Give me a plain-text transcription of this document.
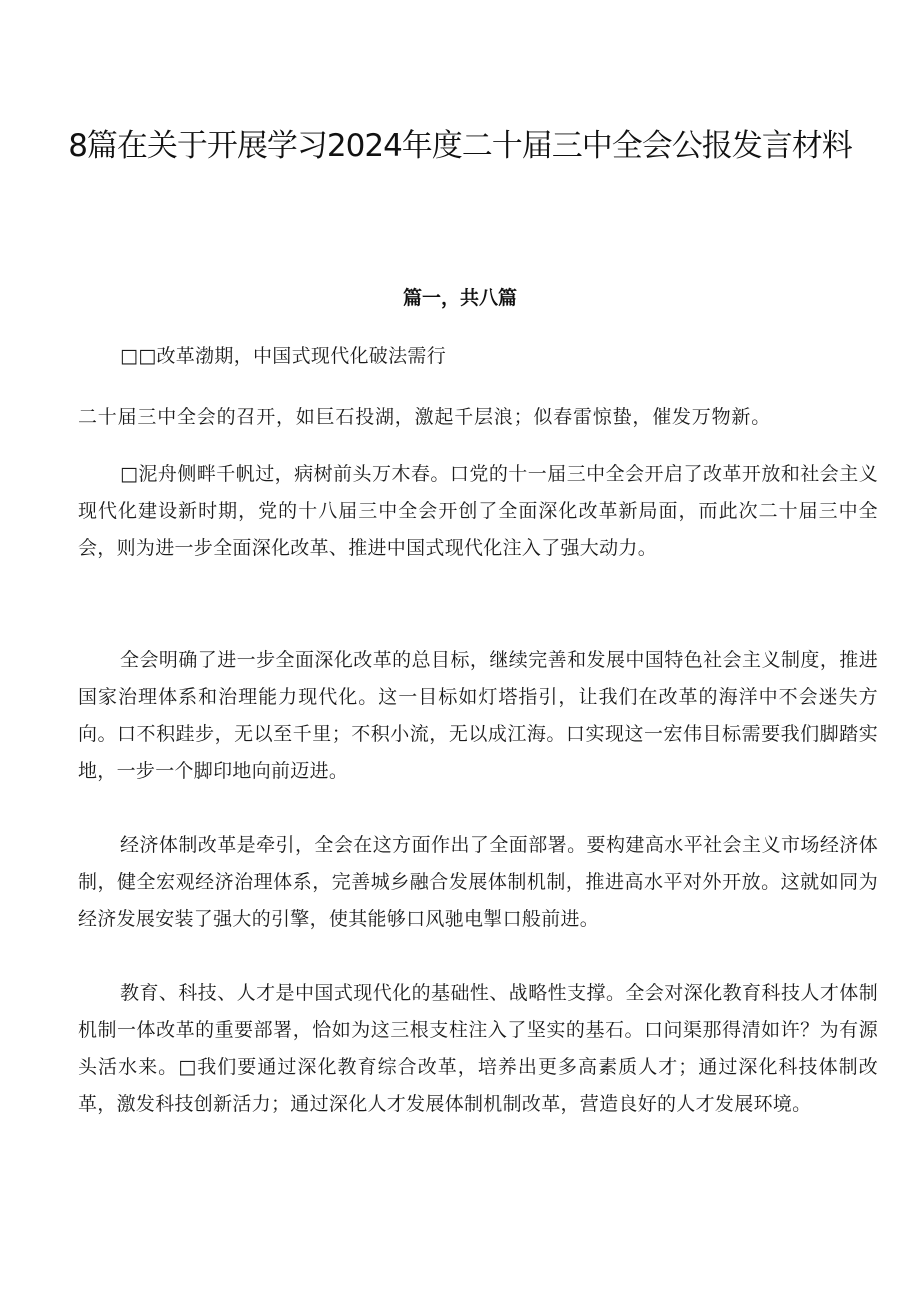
8篇在关于开展学习2024年度二十届三中全会公报发言材料
篇一，共八篇

□□改革渤期，中国式现代化破法需行

二十届三中全会的召开，如巨石投湖，激起千层浪；似春雷惊蛰，催发万物新。

□泥舟侧畔千帆过，病树前头万木春。口党的十一届三中全会开启了改革开放和社会主义现代化建设新时期，党的十八届三中全会开创了全面深化改革新局面，而此次二十届三中全会，则为进一步全面深化改革、推进中国式现代化注入了强大动力。

全会明确了进一步全面深化改革的总目标，继续完善和发展中国特色社会主义制度，推进国家治理体系和治理能力现代化。这一目标如灯塔指引，让我们在改革的海洋中不会迷失方向。口不积跬步，无以至千里；不积小流，无以成江海。口实现这一宏伟目标需要我们脚踏实地，一步一个脚印地向前迈进。

经济体制改革是牵引，全会在这方面作出了全面部署。要构建高水平社会主义市场经济体制，健全宏观经济治理体系，完善城乡融合发展体制机制，推进高水平对外开放。这就如同为经济发展安装了强大的引擎，使其能够口风驰电掣口般前进。

教育、科技、人才是中国式现代化的基础性、战略性支撑。全会对深化教育科技人才体制机制一体改革的重要部署，恰如为这三根支柱注入了坚实的基石。口问渠那得清如许？为有源头活水来。□我们要通过深化教育综合改革，培养出更多高素质人才；通过深化科技体制改革，激发科技创新活力；通过深化人才发展体制机制改革，营造良好的人才发展环境。
